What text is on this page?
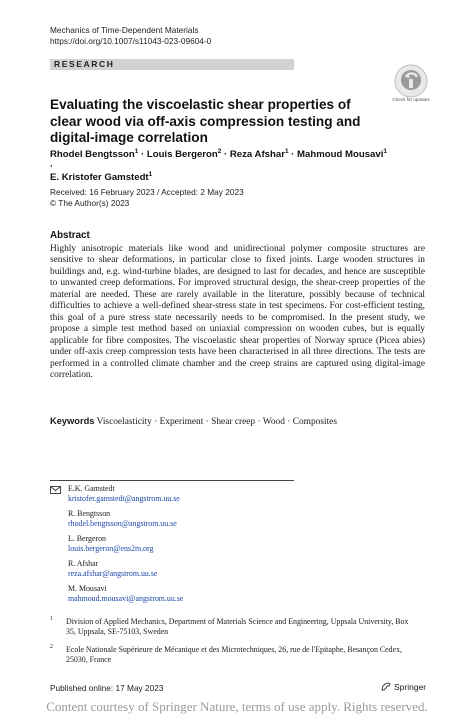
Mechanics of Time-Dependent Materials
https://doi.org/10.1007/s11043-023-09604-0
RESEARCH
Check for updates
Evaluating the viscoelastic shear properties of clear wood via off-axis compression testing and digital-image correlation
Rhodel Bengtsson$^1$ · Louis Bergeron$^2$ · Reza Afshar$^1$ · Mahmoud Mousavi$^1$ ·
E. Kristofer Gamstedt$^1$
Received: 16 February 2023 / Accepted: 2 May 2023
© The Author(s) 2023
Abstract
Highly anisotropic materials like wood and unidirectional polymer composite structures are sensitive to shear deformations, in particular close to fixed joints. Large wooden structures in buildings and, e.g. wind-turbine blades, are designed to last for decades, and hence are susceptible to unwanted creep deformations. For improved structural design, the shear-creep properties of the material are needed. These are rarely available in the literature, possibly because of technical difficulties to achieve a well-defined shear-stress state in test specimens. For cost-efficient testing, this goal of a pure stress state necessarily needs to be compromised. In the present study, we propose a simple test method based on uniaxial compression on wooden cubes, but is equally applicable for fibre composites. The viscoelastic shear properties of Norway spruce (Picea abies) under off-axis creep compression tests have been characterised in all three directions. The tests are performed in a controlled climate chamber and the creep strains are captured using digital-image correlation.
Keywords Viscoelasticity · Experiment · Shear creep · Wood · Composites
E.K. Gamstedt
kristofer.gamstedt@angstrom.uu.se
R. Bengtsson
rhodel.bengtsson@angstrom.uu.se
L. Bergeron
louis.bergeron@ens2m.org
R. Afshar
reza.afshar@angstrom.uu.se
M. Mousavi
mahmoud.mousavi@angstrom.uu.se
1 Division of Applied Mechanics, Department of Materials Science and Engineering, Uppsala University, Box 35, Uppsala, SE-75103, Sweden
2 Ecole Nationale Supérieure de Mécanique et des Microtechniques, 26, rue de l'Epitaphe, Besançon Cedex, 25030, France
Published online: 17 May 2023	Springer
Content courtesy of Springer Nature, terms of use apply. Rights reserved.
